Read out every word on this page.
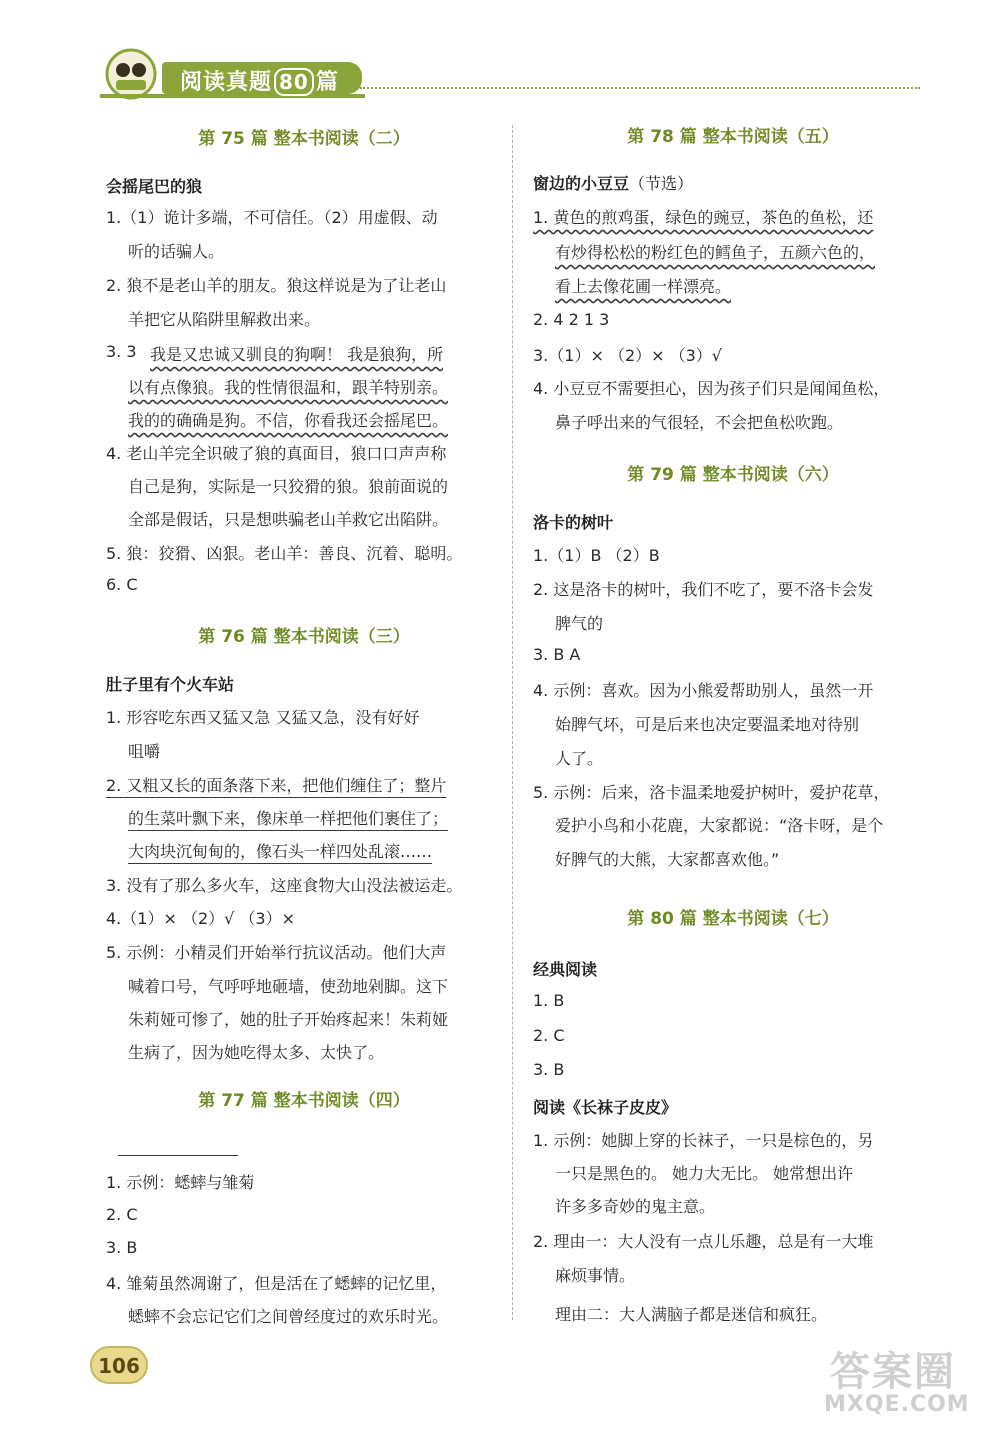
阅读真题 80 篇
第 75 篇 整本书阅读（二）
会摇尾巴的狼
1.（1）诡计多端，不可信任。（2）用虚假、动
听的话骗人。
2. 狼不是老山羊的朋友。狼这样说是为了让老山
羊把它从陷阱里解救出来。
3. 3 我是又忠诚又驯良的狗啊！ 我是狼狗，所
以有点像狼。我的性情很温和，跟羊特别亲。
我的的确确是狗。不信，你看我还会摇尾巴。
4. 老山羊完全识破了狼的真面目，狼口口声声称
自己是狗，实际是一只狡猾的狼。狼前面说的
全部是假话，只是想哄骗老山羊救它出陷阱。
5. 狼：狡猾、凶狠。老山羊：善良、沉着、聪明。
6. C
第 76 篇 整本书阅读（三）
肚子里有个火车站
1. 形容吃东西又猛又急 又猛又急，没有好好
咀嚼
2. 又粗又长的面条落下来，把他们缠住了；整片
的生菜叶飘下来，像床单一样把他们裹住了；
大肉块沉甸甸的，像石头一样四处乱滚……
3. 没有了那么多火车，这座食物大山没法被运走。
4.（1）× （2）√ （3）×
5. 示例：小精灵们开始举行抗议活动。他们大声
喊着口号，气呼呼地砸墙，使劲地剁脚。这下
朱莉娅可惨了，她的肚子开始疼起来！朱莉娅
生病了，因为她吃得太多、太快了。
第 77 篇 整本书阅读（四）
1. 示例：蟋蟀与雏菊
2. C
3. B
4. 雏菊虽然凋谢了，但是活在了蟋蟀的记忆里，
蟋蟀不会忘记它们之间曾经度过的欢乐时光。
第 78 篇 整本书阅读（五）
窗边的小豆豆（节选）
1. 黄色的煎鸡蛋，绿色的豌豆，茶色的鱼松，还
有炒得松松的粉红色的鳕鱼子，五颜六色的，
看上去像花圃一样漂亮。
2. 4 2 1 3
3.（1）× （2）× （3）√
4. 小豆豆不需要担心，因为孩子们只是闻闻鱼松，
鼻子呼出来的气很轻，不会把鱼松吹跑。
第 79 篇 整本书阅读（六）
洛卡的树叶
1.（1）B （2）B
2. 这是洛卡的树叶，我们不吃了，要不洛卡会发
脾气的
3. B A
4. 示例：喜欢。因为小熊爱帮助别人，虽然一开
始脾气坏，可是后来也决定要温柔地对待别
人了。
5. 示例：后来，洛卡温柔地爱护树叶，爱护花草，
爱护小鸟和小花鹿，大家都说：“洛卡呀，是个
好脾气的大熊，大家都喜欢他。”
第 80 篇 整本书阅读（七）
经典阅读
1. B
2. C
3. B
阅读《长袜子皮皮》
1. 示例：她脚上穿的长袜子，一只是棕色的，另
一只是黑色的。 她力大无比。 她常想出许
许多多奇妙的鬼主意。
2. 理由一：大人没有一点儿乐趣，总是有一大堆
麻烦事情。
理由二：大人满脑子都是迷信和疯狂。
106	答案圈
MXQE.COM
